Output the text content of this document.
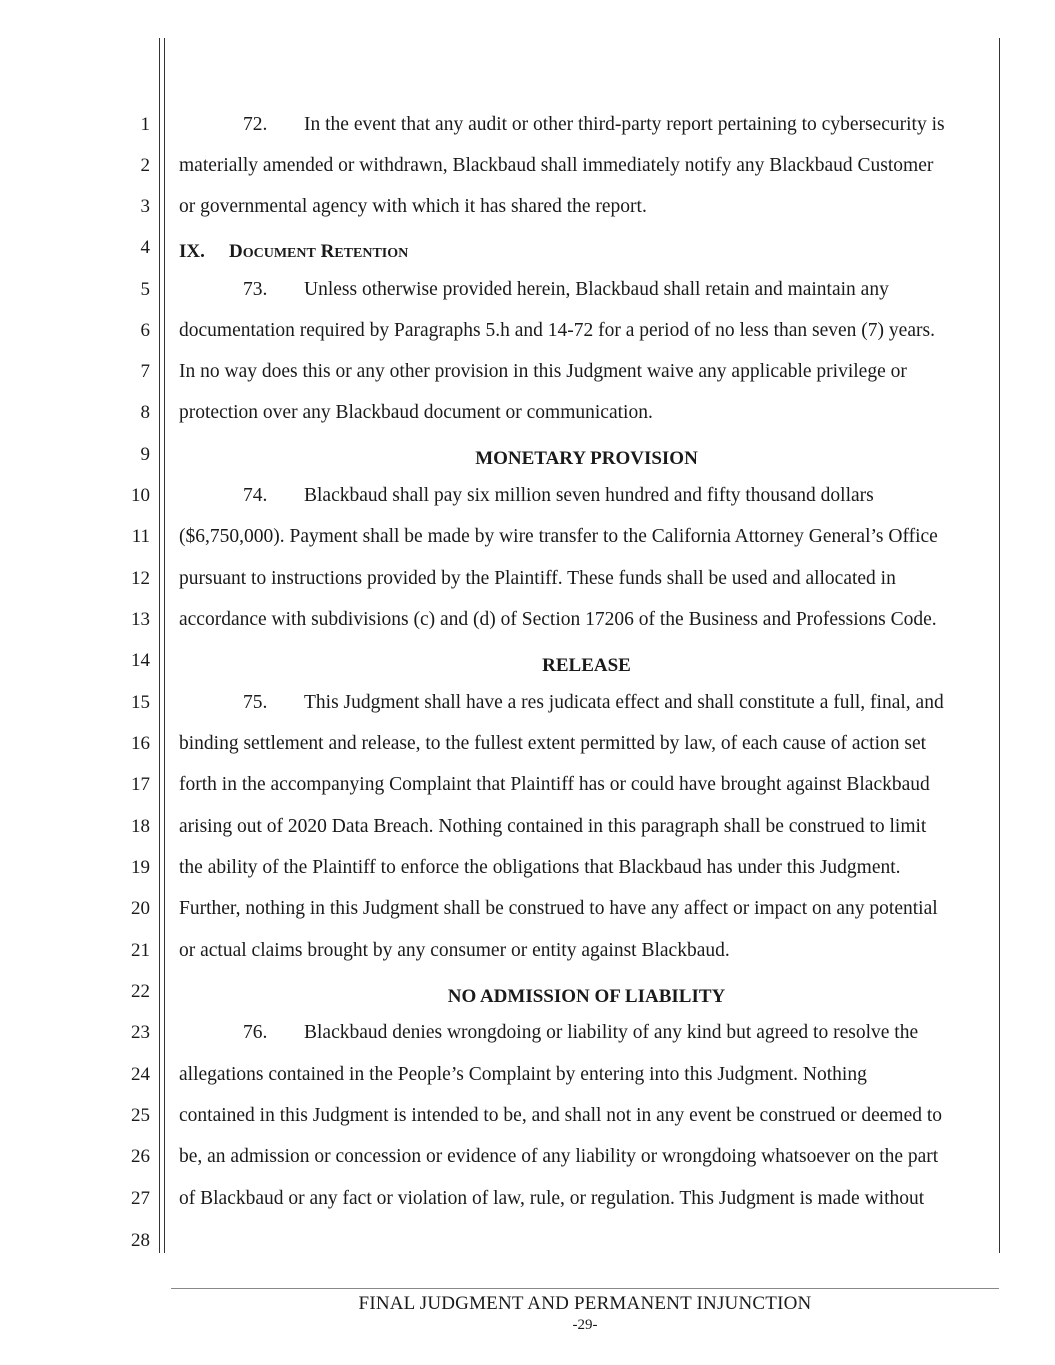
1
2
3
4
5
6
7
8
9
10
11
12
13
14
15
16
17
18
19
20
21
22
23
24
25
26
27
28
72. In the event that any audit or other third-party report pertaining to cybersecurity is
materially amended or withdrawn, Blackbaud shall immediately notify any Blackbaud Customer
or governmental agency with which it has shared the report.
IX. DOCUMENT RETENTION
73. Unless otherwise provided herein, Blackbaud shall retain and maintain any
documentation required by Paragraphs 5.h and 14-72 for a period of no less than seven (7) years.
In no way does this or any other provision in this Judgment waive any applicable privilege or
protection over any Blackbaud document or communication.
MONETARY PROVISION
74. Blackbaud shall pay six million seven hundred and fifty thousand dollars
($6,750,000). Payment shall be made by wire transfer to the California Attorney General’s Office
pursuant to instructions provided by the Plaintiff. These funds shall be used and allocated in
accordance with subdivisions (c) and (d) of Section 17206 of the Business and Professions Code.
RELEASE
75. This Judgment shall have a res judicata effect and shall constitute a full, final, and
binding settlement and release, to the fullest extent permitted by law, of each cause of action set
forth in the accompanying Complaint that Plaintiff has or could have brought against Blackbaud
arising out of 2020 Data Breach. Nothing contained in this paragraph shall be construed to limit
the ability of the Plaintiff to enforce the obligations that Blackbaud has under this Judgment.
Further, nothing in this Judgment shall be construed to have any affect or impact on any potential
or actual claims brought by any consumer or entity against Blackbaud.
NO ADMISSION OF LIABILITY
76. Blackbaud denies wrongdoing or liability of any kind but agreed to resolve the
allegations contained in the People’s Complaint by entering into this Judgment. Nothing
contained in this Judgment is intended to be, and shall not in any event be construed or deemed to
be, an admission or concession or evidence of any liability or wrongdoing whatsoever on the part
of Blackbaud or any fact or violation of law, rule, or regulation. This Judgment is made without
FINAL JUDGMENT AND PERMANENT INJUNCTION
-29-
